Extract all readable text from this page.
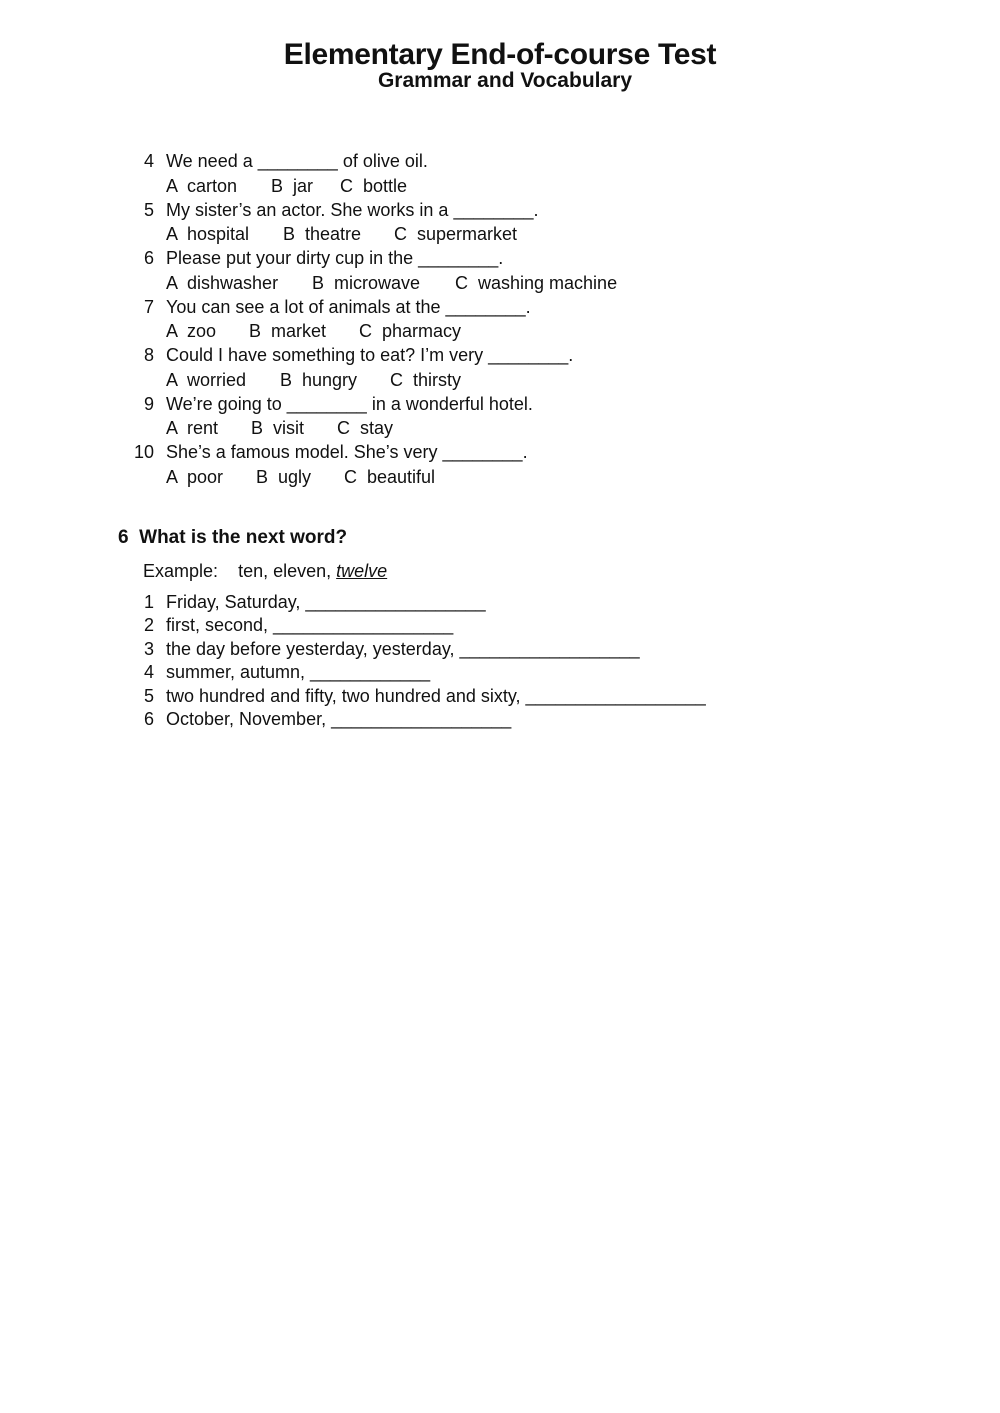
Elementary End-of-course Test
Grammar and Vocabulary
4 We need a ________ of olive oil.
A  carton B  jar C  bottle
5 My sister’s an actor. She works in a ________.
A  hospital B  theatre C  supermarket
6 Please put your dirty cup in the ________.
A  dishwasher B  microwave C  washing machine
7 You can see a lot of animals at the ________.
A  zoo B  market C  pharmacy
8 Could I have something to eat? I’m very ________.
A  worried B  hungry C  thirsty
9 We’re going to ________ in a wonderful hotel.
A  rent B  visit C  stay
10 She’s a famous model. She’s very ________.
A  poor B  ugly C  beautiful
6 What is the next word?
Example: ten, eleven, twelve
1 Friday, Saturday, __________________
2 first, second, __________________
3 the day before yesterday, yesterday, __________________
4 summer, autumn, ____________
5 two hundred and fifty, two hundred and sixty, __________________
6 October, November, __________________
